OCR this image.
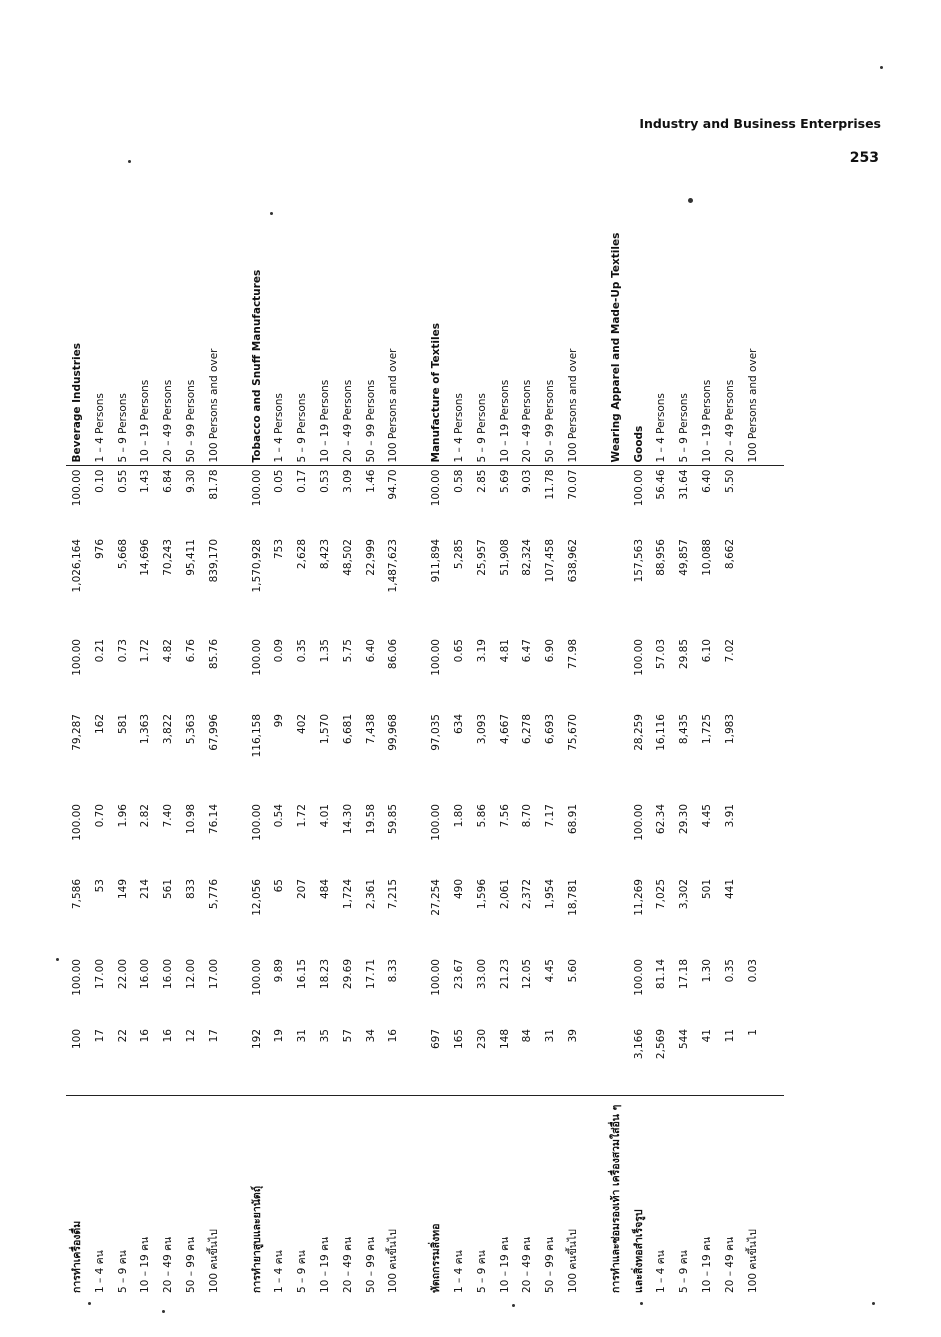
Industry and Business Enterprises
253
การทำเครื่องดื่ม	100	100.00	7,586	100.00	79,287	100.00	1,026,164	100.00	Beverage Industries
1 – 4 คน	17	17.00	53	0.70	162	0.21	976	0.10	1 – 4 Persons
5 – 9 คน	22	22.00	149	1.96	581	0.73	5,668	0.55	5 – 9 Persons
10 – 19 คน	16	16.00	214	2.82	1,363	1.72	14,696	1.43	10 – 19 Persons
20 – 49 คน	16	16.00	561	7.40	3,822	4.82	70,243	6.84	20 – 49 Persons
50 – 99 คน	12	12.00	833	10.98	5,363	6.76	95,411	9.30	50 – 99 Persons
100 คนขึ้นไป	17	17.00	5,776	76.14	67,996	85.76	839,170	81.78	100 Persons and over

การทำยาสูบและยานัตถุ์	192	100.00	12,056	100.00	116,158	100.00	1,570,928	100.00	Tobacco and Snuff Manufactures
1 – 4 คน	19	9.89	65	0.54	99	0.09	753	0.05	1 – 4 Persons
5 – 9 คน	31	16.15	207	1.72	402	0.35	2,628	0.17	5 – 9 Persons
10 – 19 คน	35	18.23	484	4.01	1,570	1.35	8,423	0.53	10 – 19 Persons
20 – 49 คน	57	29.69	1,724	14.30	6,681	5.75	48,502	3.09	20 – 49 Persons
50 – 99 คน	34	17.71	2,361	19.58	7,438	6.40	22,999	1.46	50 – 99 Persons
100 คนขึ้นไป	16	8.33	7,215	59.85	99,968	86.06	1,487,623	94.70	100 Persons and over

หัตถกรรมสิ่งทอ	697	100.00	27,254	100.00	97,035	100.00	911,894	100.00	Manufacture of Textiles
1 – 4 คน	165	23.67	490	1.80	634	0.65	5,285	0.58	1 – 4 Persons
5 – 9 คน	230	33.00	1,596	5.86	3,093	3.19	25,957	2.85	5 – 9 Persons
10 – 19 คน	148	21.23	2,061	7.56	4,667	4.81	51,908	5.69	10 – 19 Persons
20 – 49 คน	84	12.05	2,372	8.70	6,278	6.47	82,324	9.03	20 – 49 Persons
50 – 99 คน	31	4.45	1,954	7.17	6,693	6.90	107,458	11.78	50 – 99 Persons
100 คนขึ้นไป	39	5.60	18,781	68.91	75,670	77.98	638,962	70.07	100 Persons and over

การทำและซ่อมรองเท้า เครื่องสวมใส่อื่น ๆ									Wearing Apparel and Made-Up Textiles
และสิ่งทอสำเร็จรูป	3,166	100.00	11,269	100.00	28,259	100.00	157,563	100.00	Goods
1 – 4 คน	2,569	81.14	7,025	62.34	16,116	57.03	88,956	56.46	1 – 4 Persons
5 – 9 คน	544	17.18	3,302	29.30	8,435	29.85	49,857	31.64	5 – 9 Persons
10 – 19 คน	41	1.30	501	4.45	1,725	6.10	10,088	6.40	10 – 19 Persons
20 – 49 คน	11	0.35	441	3.91	1,983	7.02	8,662	5.50	20 – 49 Persons
100 คนขึ้นไป	1	0.03							100 Persons and over
